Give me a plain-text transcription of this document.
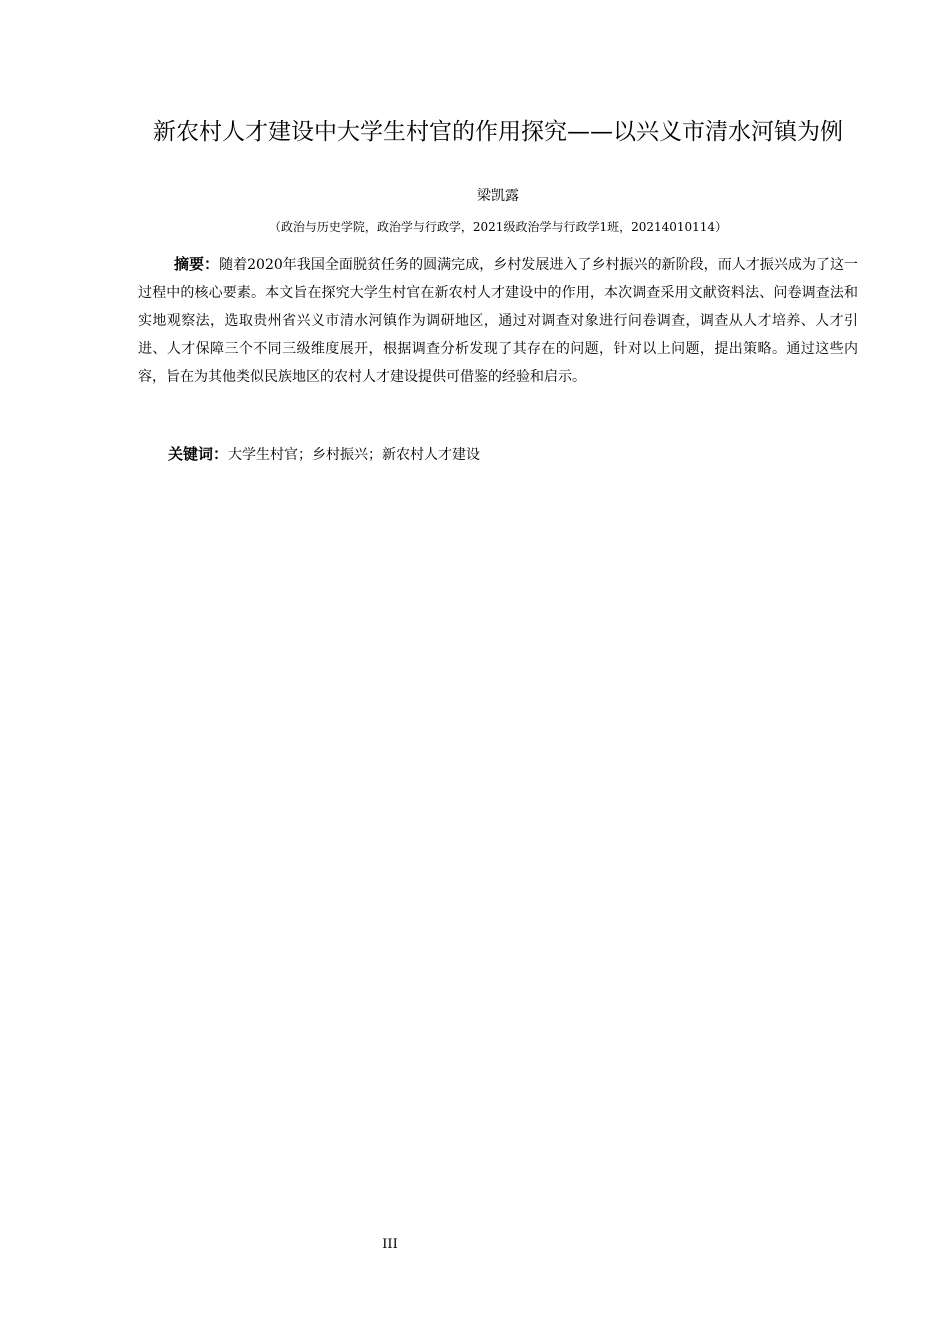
新农村人才建设中大学生村官的作用探究——以兴义市清水河镇为例
梁凯露
（政治与历史学院，政治学与行政学，2021级政治学与行政学1班，20214010114）

摘要：随着2020年我国全面脱贫任务的圆满完成，乡村发展进入了乡村振兴的新阶段，而人才振兴成为了这一过程中的核心要素。本文旨在探究大学生村官在新农村人才建设中的作用，本次调查采用文献资料法、问卷调查法和实地观察法，选取贵州省兴义市清水河镇作为调研地区，通过对调查对象进行问卷调查，调查从人才培养、人才引进、人才保障三个不同三级维度展开，根据调查分析发现了其存在的问题，针对以上问题，提出策略。通过这些内容，旨在为其他类似民族地区的农村人才建设提供可借鉴的经验和启示。

关键词：大学生村官；乡村振兴；新农村人才建设

III
